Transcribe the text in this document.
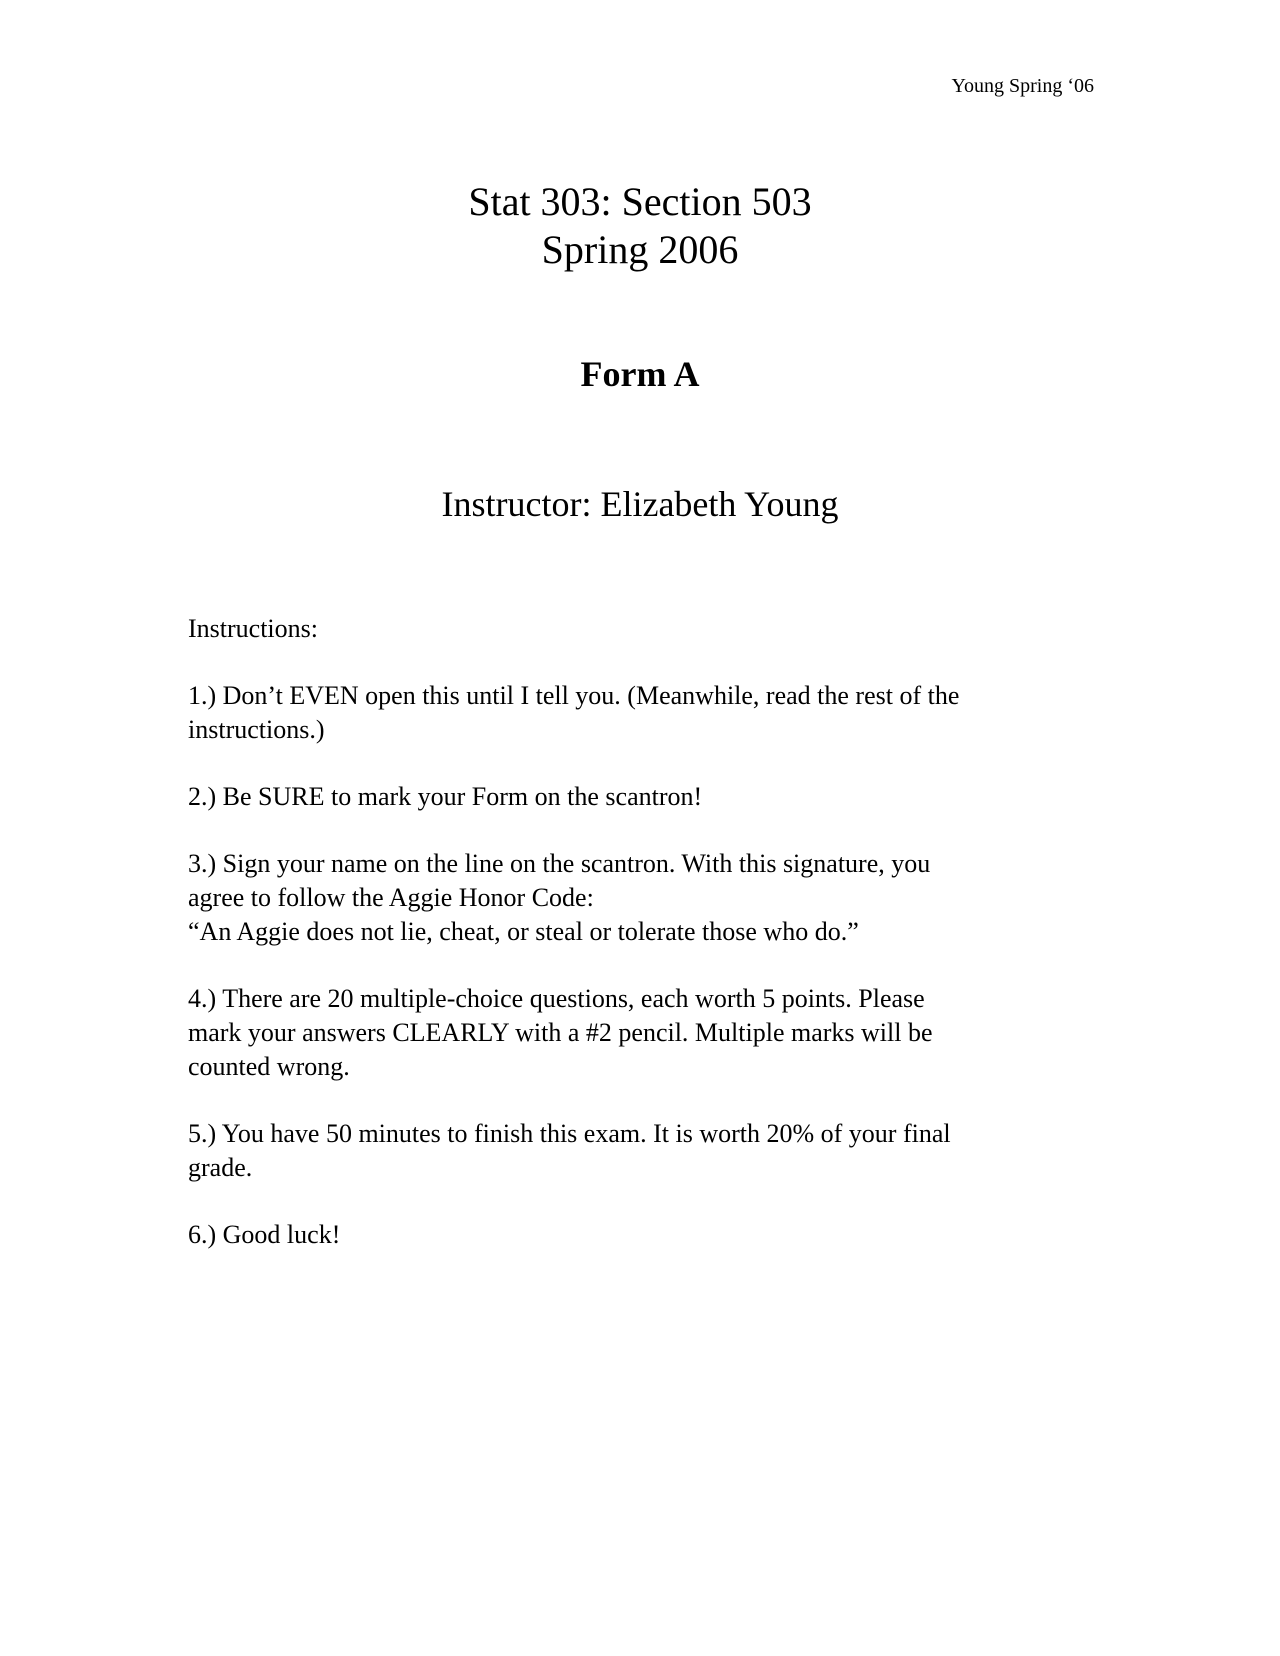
Young Spring ‘06
Stat 303: Section 503
Spring 2006
Form A
Instructor: Elizabeth Young
Instructions:
1.) Don’t EVEN open this until I tell you. (Meanwhile, read the rest of the
instructions.)
2.) Be SURE to mark your Form on the scantron!
3.) Sign your name on the line on the scantron. With this signature, you
agree to follow the Aggie Honor Code:
“An Aggie does not lie, cheat, or steal or tolerate those who do.”
4.) There are 20 multiple-choice questions, each worth 5 points. Please
mark your answers CLEARLY with a #2 pencil. Multiple marks will be
counted wrong.
5.) You have 50 minutes to finish this exam. It is worth 20% of your final
grade.
6.) Good luck!
